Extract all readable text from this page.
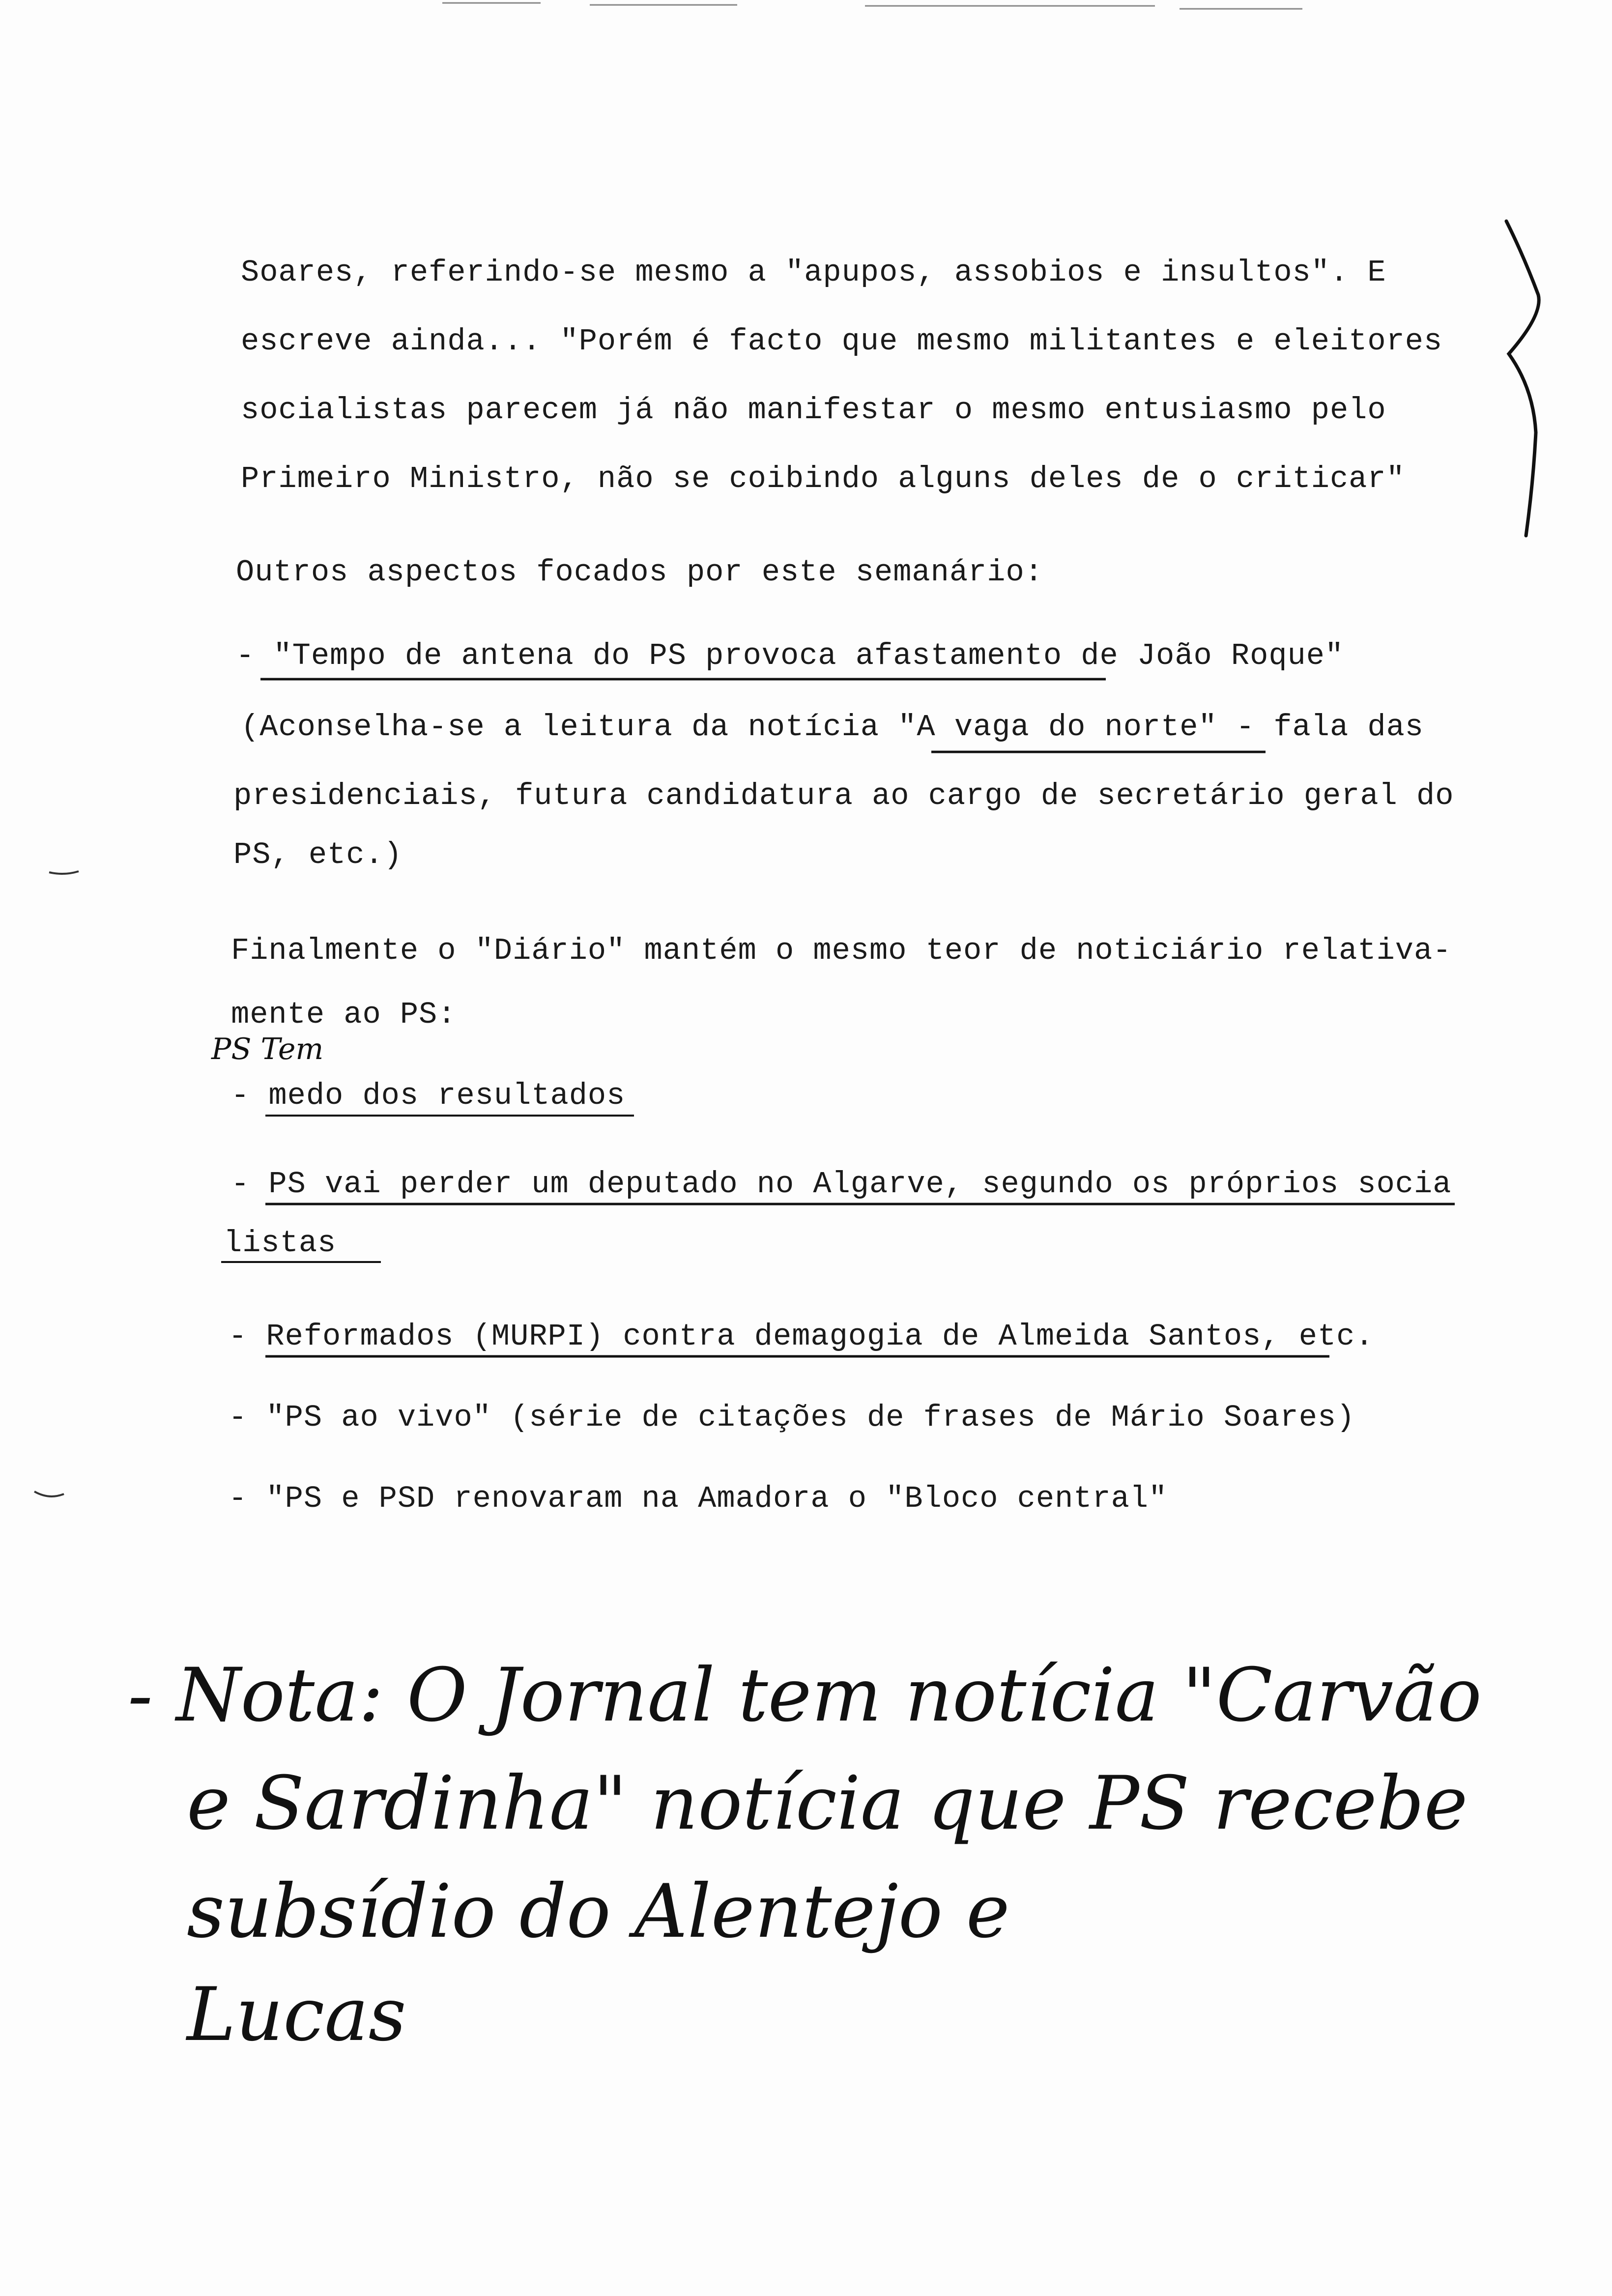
Soares, referindo-se mesmo a "apupos, assobios e insultos". E
escreve ainda... "Porém é facto que mesmo militantes e eleitores
socialistas parecem já não manifestar o mesmo entusiasmo pelo
Primeiro Ministro, não se coibindo alguns deles de o criticar"
Outros aspectos focados por este semanário:
- "Tempo de antena do PS provoca afastamento de João Roque"
(Aconselha-se a leitura da notícia "A vaga do norte" - fala das
presidenciais, futura candidatura ao cargo de secretário geral do
PS, etc.)
Finalmente o "Diário" mantém o mesmo teor de noticiário relativa-
mente ao PS:
PS Tem
- medo dos resultados
- PS vai perder um deputado no Algarve, segundo os próprios socia
listas
- Reformados (MURPI) contra demagogia de Almeida Santos, etc.
- "PS ao vivo" (série de citações de frases de Mário Soares)
- "PS e PSD renovaram na Amadora o "Bloco central"
- Nota: O Jornal tem notícia "Carvão
e Sardinha" notícia que PS recebe
subsídio do Alentejo e
Lucas
